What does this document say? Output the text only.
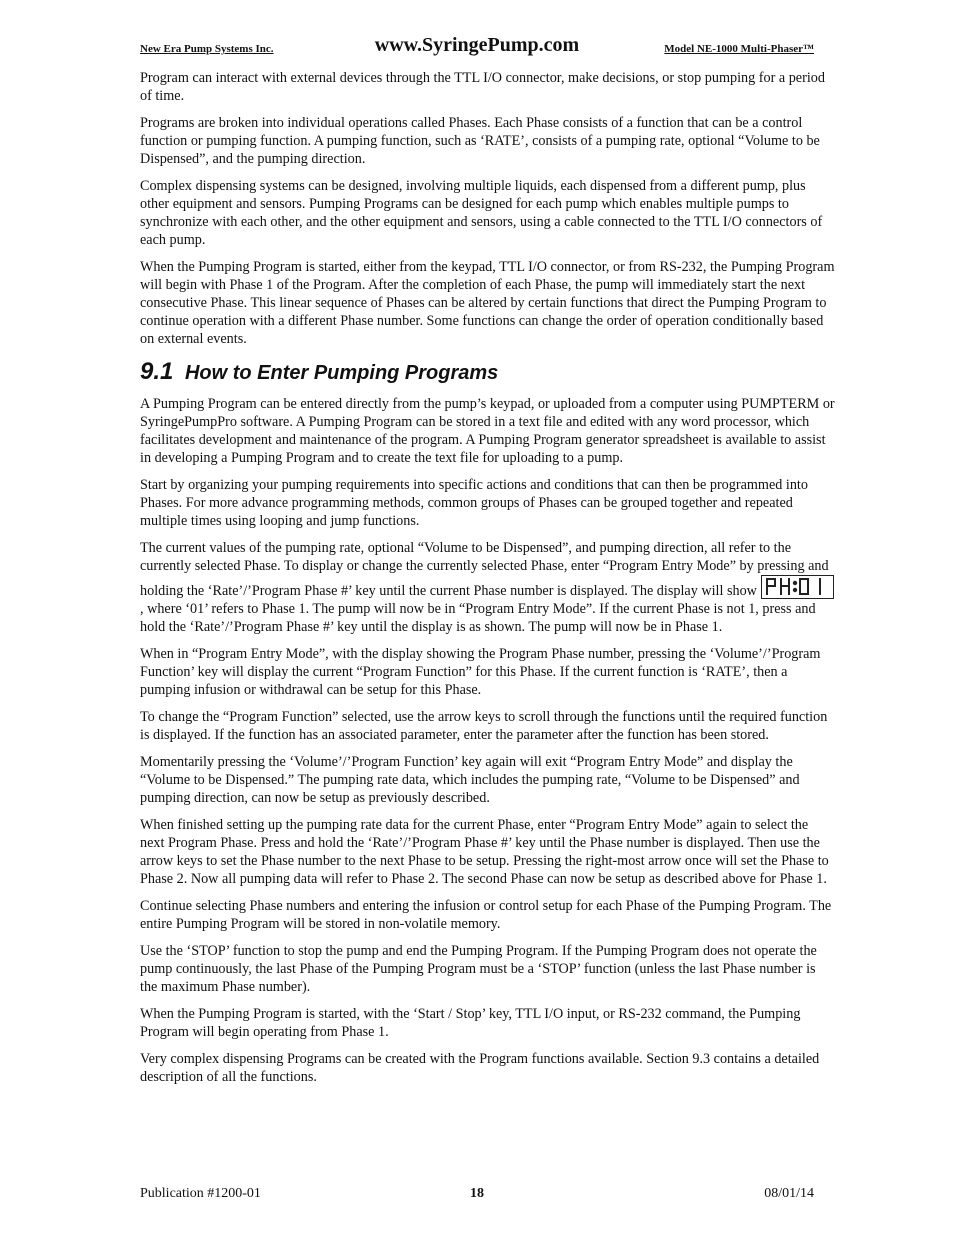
New Era Pump Systems Inc.	www.SyringePump.com	Model NE-1000 Multi-Phaser™

Program can interact with external devices through the TTL I/O connector, make decisions, or stop pumping for a period of time.

Programs are broken into individual operations called Phases. Each Phase consists of a function that can be a control function or pumping function. A pumping function, such as ‘RATE’, consists of a pumping rate, optional “Volume to be Dispensed”, and the pumping direction.

Complex dispensing systems can be designed, involving multiple liquids, each dispensed from a different pump, plus other equipment and sensors. Pumping Programs can be designed for each pump which enables multiple pumps to synchronize with each other, and the other equipment and sensors, using a cable connected to the TTL I/O connectors of each pump.

When the Pumping Program is started, either from the keypad, TTL I/O connector, or from RS-232, the Pumping Program will begin with Phase 1 of the Program. After the completion of each Phase, the pump will immediately start the next consecutive Phase. This linear sequence of Phases can be altered by certain functions that direct the Pumping Program to continue operation with a different Phase number. Some functions can change the order of operation conditionally based on external events.

9.1 How to Enter Pumping Programs

A Pumping Program can be entered directly from the pump’s keypad, or uploaded from a computer using PUMPTERM or SyringePumpPro software. A Pumping Program can be stored in a text file and edited with any word processor, which facilitates development and maintenance of the program. A Pumping Program generator spreadsheet is available to assist in developing a Pumping Program and to create the text file for uploading to a pump.

Start by organizing your pumping requirements into specific actions and conditions that can then be programmed into Phases. For more advance programming methods, common groups of Phases can be grouped together and repeated multiple times using looping and jump functions.

The current values of the pumping rate, optional “Volume to be Dispensed”, and pumping direction, all refer to the currently selected Phase. To display or change the currently selected Phase, enter “Program Entry Mode” by pressing and holding the ‘Rate’/’Program Phase #’ key until the current Phase number is displayed. The display will show
, where ‘01’ refers to Phase 1. The pump will now be in “Program Entry Mode”. If the current Phase is not 1, press and hold the ‘Rate’/’Program Phase #’ key until the display is as shown. The pump will now be in Phase 1.

When in “Program Entry Mode”, with the display showing the Program Phase number, pressing the ‘Volume’/’Program Function’ key will display the current “Program Function” for this Phase. If the current function is ‘RATE’, then a pumping infusion or withdrawal can be setup for this Phase.

To change the “Program Function” selected, use the arrow keys to scroll through the functions until the required function is displayed. If the function has an associated parameter, enter the parameter after the function has been stored.

Momentarily pressing the ‘Volume’/’Program Function’ key again will exit “Program Entry Mode” and display the “Volume to be Dispensed.” The pumping rate data, which includes the pumping rate, “Volume to be Dispensed” and pumping direction, can now be setup as previously described.

When finished setting up the pumping rate data for the current Phase, enter “Program Entry Mode” again to select the next Program Phase. Press and hold the ‘Rate’/’Program Phase #’ key until the Phase number is displayed. Then use the arrow keys to set the Phase number to the next Phase to be setup. Pressing the right-most arrow once will set the Phase to Phase 2. Now all pumping data will refer to Phase 2. The second Phase can now be setup as described above for Phase 1.

Continue selecting Phase numbers and entering the infusion or control setup for each Phase of the Pumping Program. The entire Pumping Program will be stored in non-volatile memory.

Use the ‘STOP’ function to stop the pump and end the Pumping Program. If the Pumping Program does not operate the pump continuously, the last Phase of the Pumping Program must be a ‘STOP’ function (unless the last Phase number is the maximum Phase number).

When the Pumping Program is started, with the ‘Start / Stop’ key, TTL I/O input, or RS-232 command, the Pumping Program will begin operating from Phase 1.

Very complex dispensing Programs can be created with the Program functions available. Section 9.3 contains a detailed description of all the functions.

Publication #1200-01	18	08/01/14
